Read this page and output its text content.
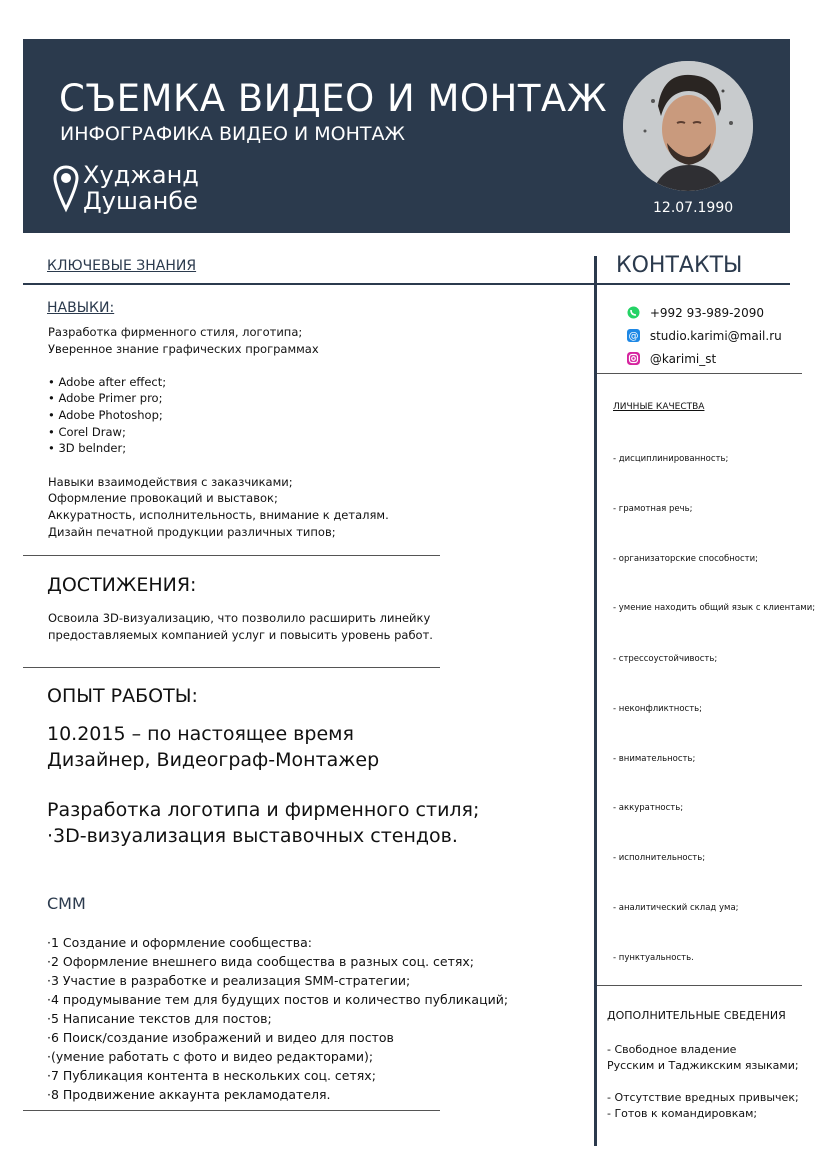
СЪЕМКА ВИДЕО И МОНТАЖ
ИНФОГРАФИКА ВИДЕО И МОНТАЖ
Худжанд
Душанбе	12.07.1990
КЛЮЧЕВЫЕ ЗНАНИЯ
НАВЫКИ:
Разработка фирменного стиля, логотипа;
Уверенное знание графических программах
• Adobe after effect;
• Adobe Primer pro;
• Adobe Photoshop;
• Corel Draw;
• 3D belnder;
Навыки взаимодействия с заказчиками;
Оформление провокаций и выставок;
Аккуратность, исполнительность, внимание к деталям.
Дизайн печатной продукции различных типов;
ДОСТИЖЕНИЯ:
Освоила 3D-визуализацию, что позволило расширить линейку
предоставляемых компанией услуг и повысить уровень работ.
ОПЫТ РАБОТЫ:
10.2015 – по настоящее время
Дизайнер, Видеограф-Монтажер
Разработка логотипа и фирменного стиля;
·3D-визуализация выставочных стендов.
СММ
·1 Создание и оформление сообщества:
·2 Оформление внешнего вида сообщества в разных соц. сетях;
·3 Участие в разработке и реализация SMM-стратегии;
·4 продумывание тем для будущих постов и количество публикаций;
·5 Написание текстов для постов;
·6 Поиск/создание изображений и видео для постов
·(умение работать с фото и видео редакторами);
·7 Публикация контента в нескольких соц. сетях;
·8 Продвижение аккаунта рекламодателя.
КОНТАКТЫ
+992 93-989-2090
@ studio.karimi@mail.ru
@karimi_st
ЛИЧНЫЕ КАЧЕСТВА
- дисциплинированность;
- грамотная речь;
- организаторские способности;
- умение находить общий язык с клиентами;
- стрессоустойчивость;
- неконфликтность;
- внимательность;
- аккуратность;
- исполнительность;
- аналитический склад ума;
- пунктуальность.
ДОПОЛНИТЕЛЬНЫЕ СВЕДЕНИЯ
- Свободное владение
Русским и Таджикским языками;
- Отсутствие вредных привычек;
- Готов к командировкам;
